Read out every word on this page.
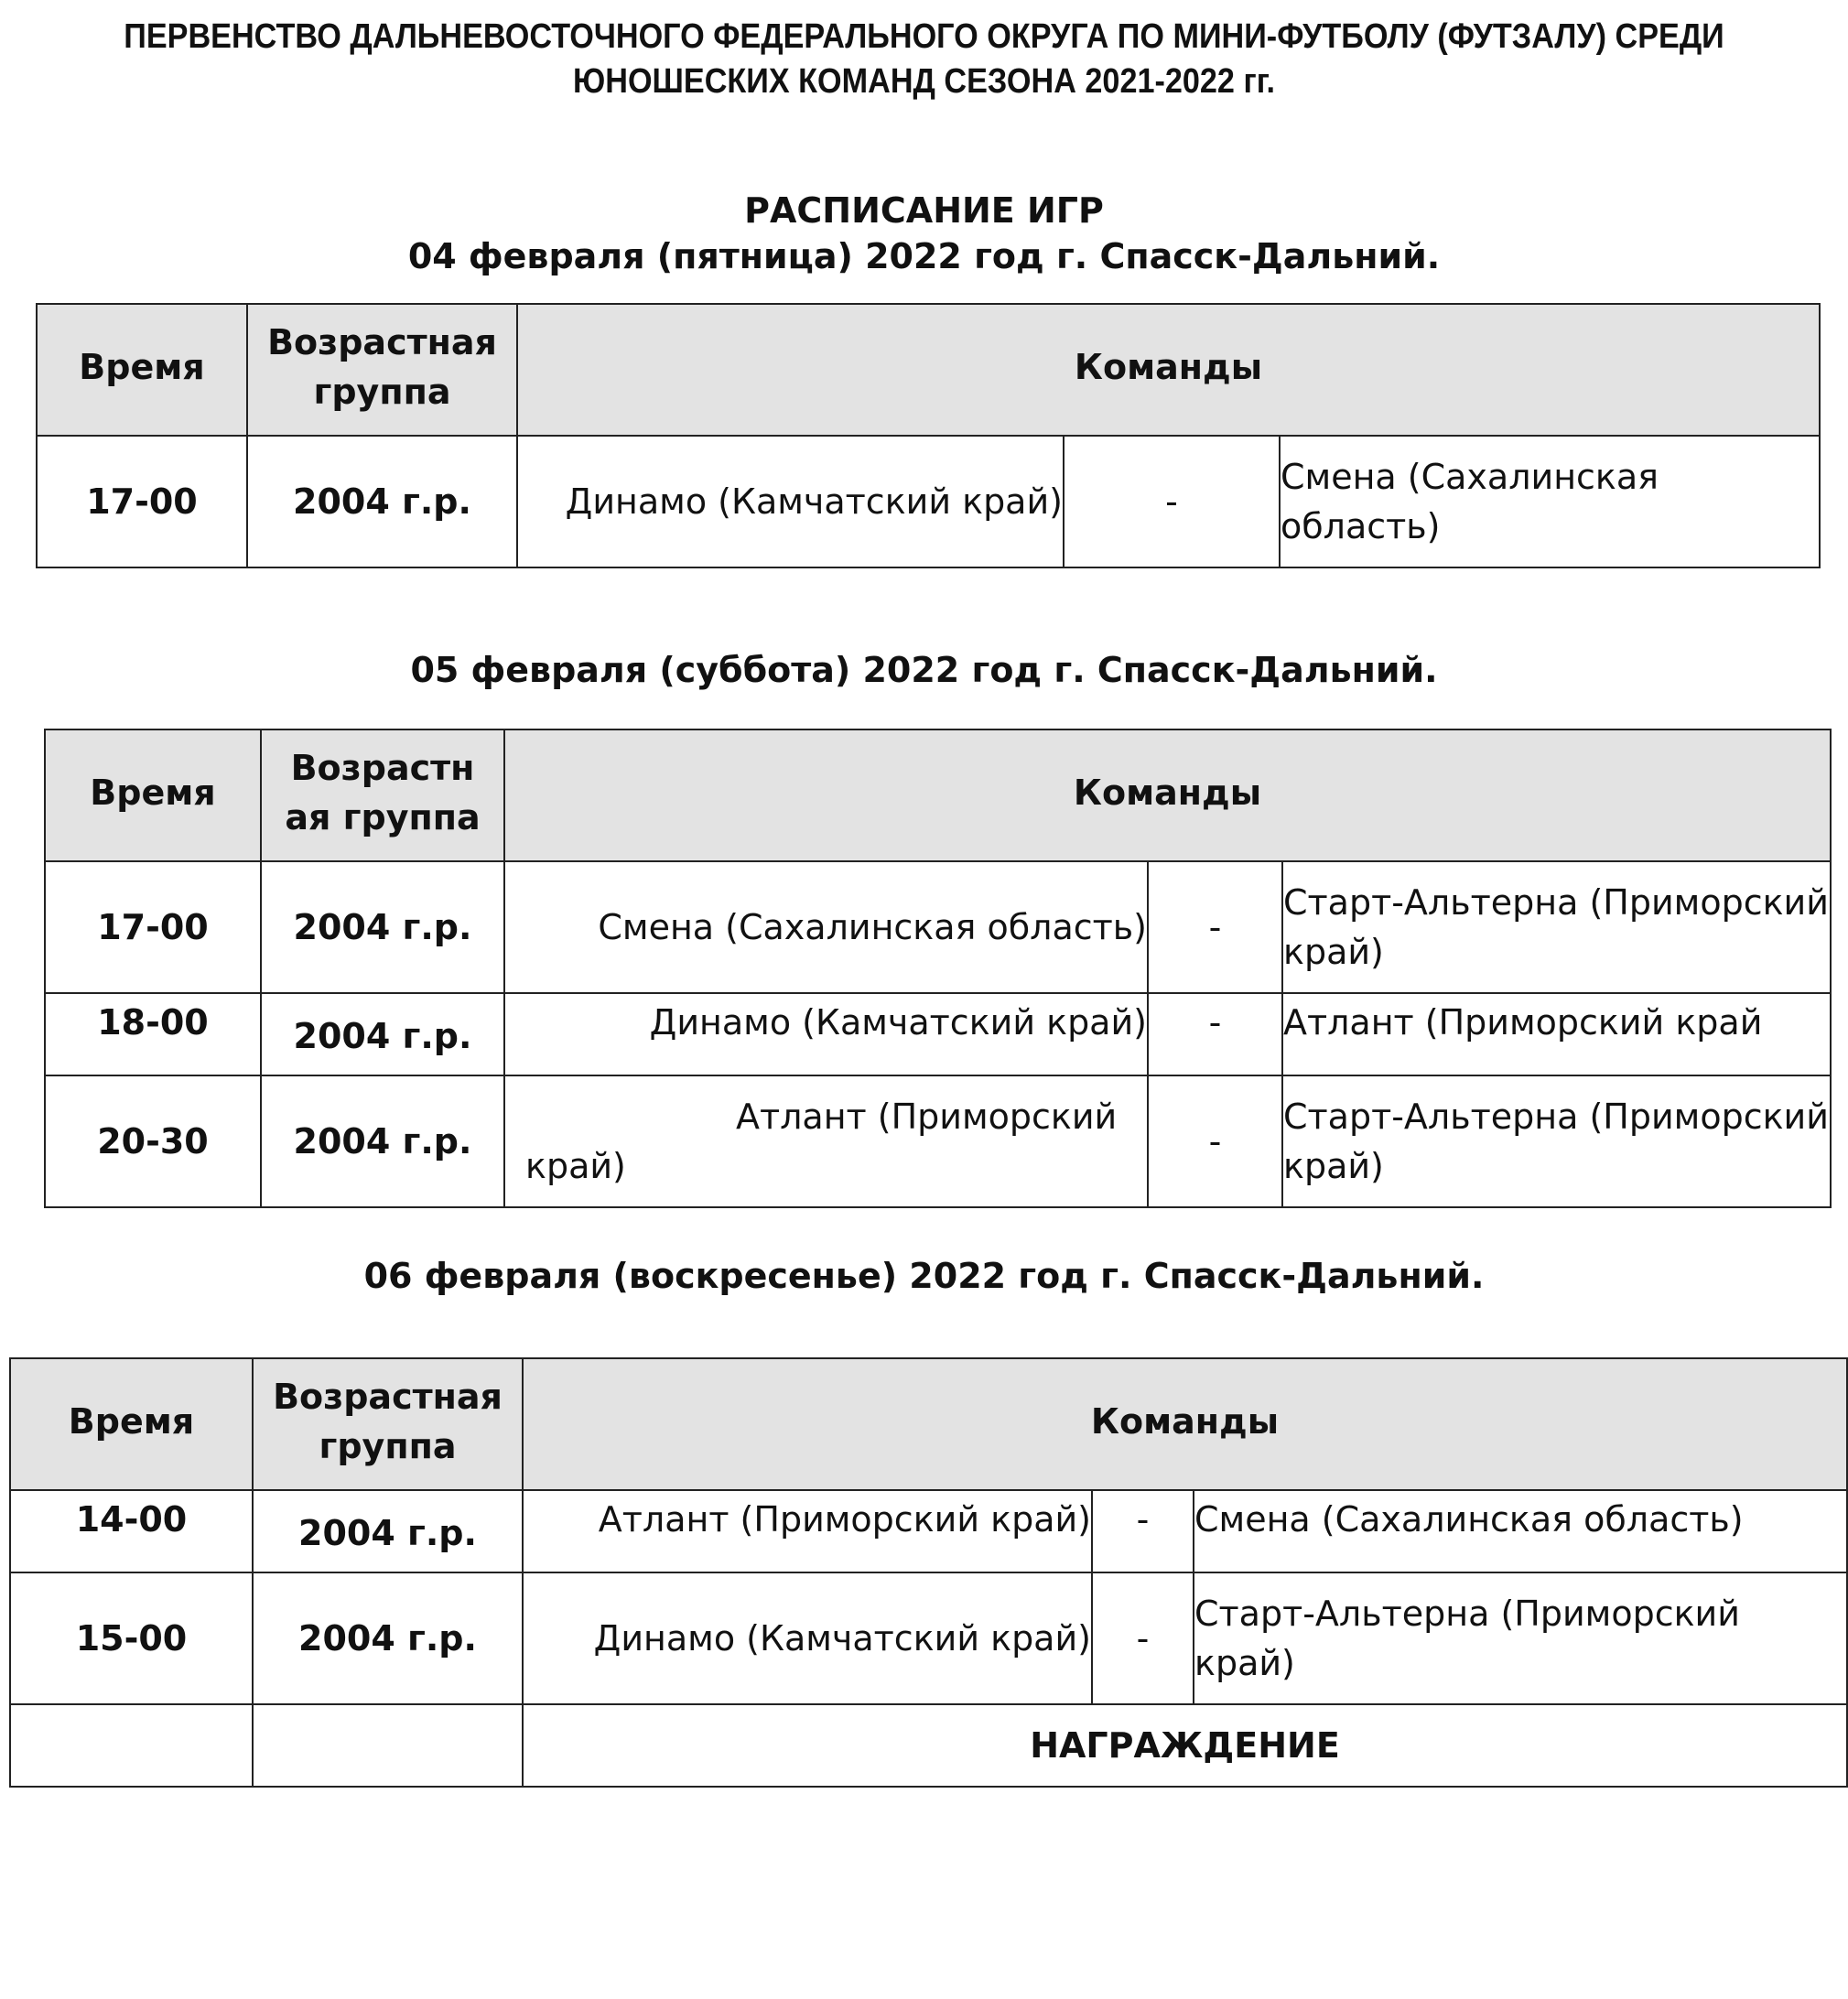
ПЕРВЕНСТВО ДАЛЬНЕВОСТОЧНОГО ФЕДЕРАЛЬНОГО ОКРУГА ПО МИНИ-ФУТБОЛУ (ФУТЗАЛУ) СРЕДИ
ЮНОШЕСКИХ КОМАНД СЕЗОНА 2021-2022 гг.
РАСПИСАНИЕ ИГР
04 февраля (пятница) 2022 год г. Спасск-Дальний.
Время	Возрастная группа	Команды		
17-00	2004 г.р.	Динамо (Камчатский край)	-	Смена (Сахалинская область)
05 февраля (суббота) 2022 год г. Спасск-Дальний.
Время	Возрастн ая группа	Команды		
17-00	2004 г.р.	Смена (Сахалинская область)	-	Старт-Альтерна (Приморский край)
18-00	2004 г.р.	Динамо (Камчатский край)	-	Атлант (Приморский край
20-30	2004 г.р.	Атлант (Приморский край)	-	Старт-Альтерна (Приморский край)
06 февраля (воскресенье) 2022 год г. Спасск-Дальний.
Время	Возрастная группа	Команды		
14-00	2004 г.р.	Атлант (Приморский край)	-	Смена (Сахалинская область)
15-00	2004 г.р.	Динамо (Камчатский край)	-	Старт-Альтерна (Приморский край)
		НАГРАЖДЕНИЕ		
